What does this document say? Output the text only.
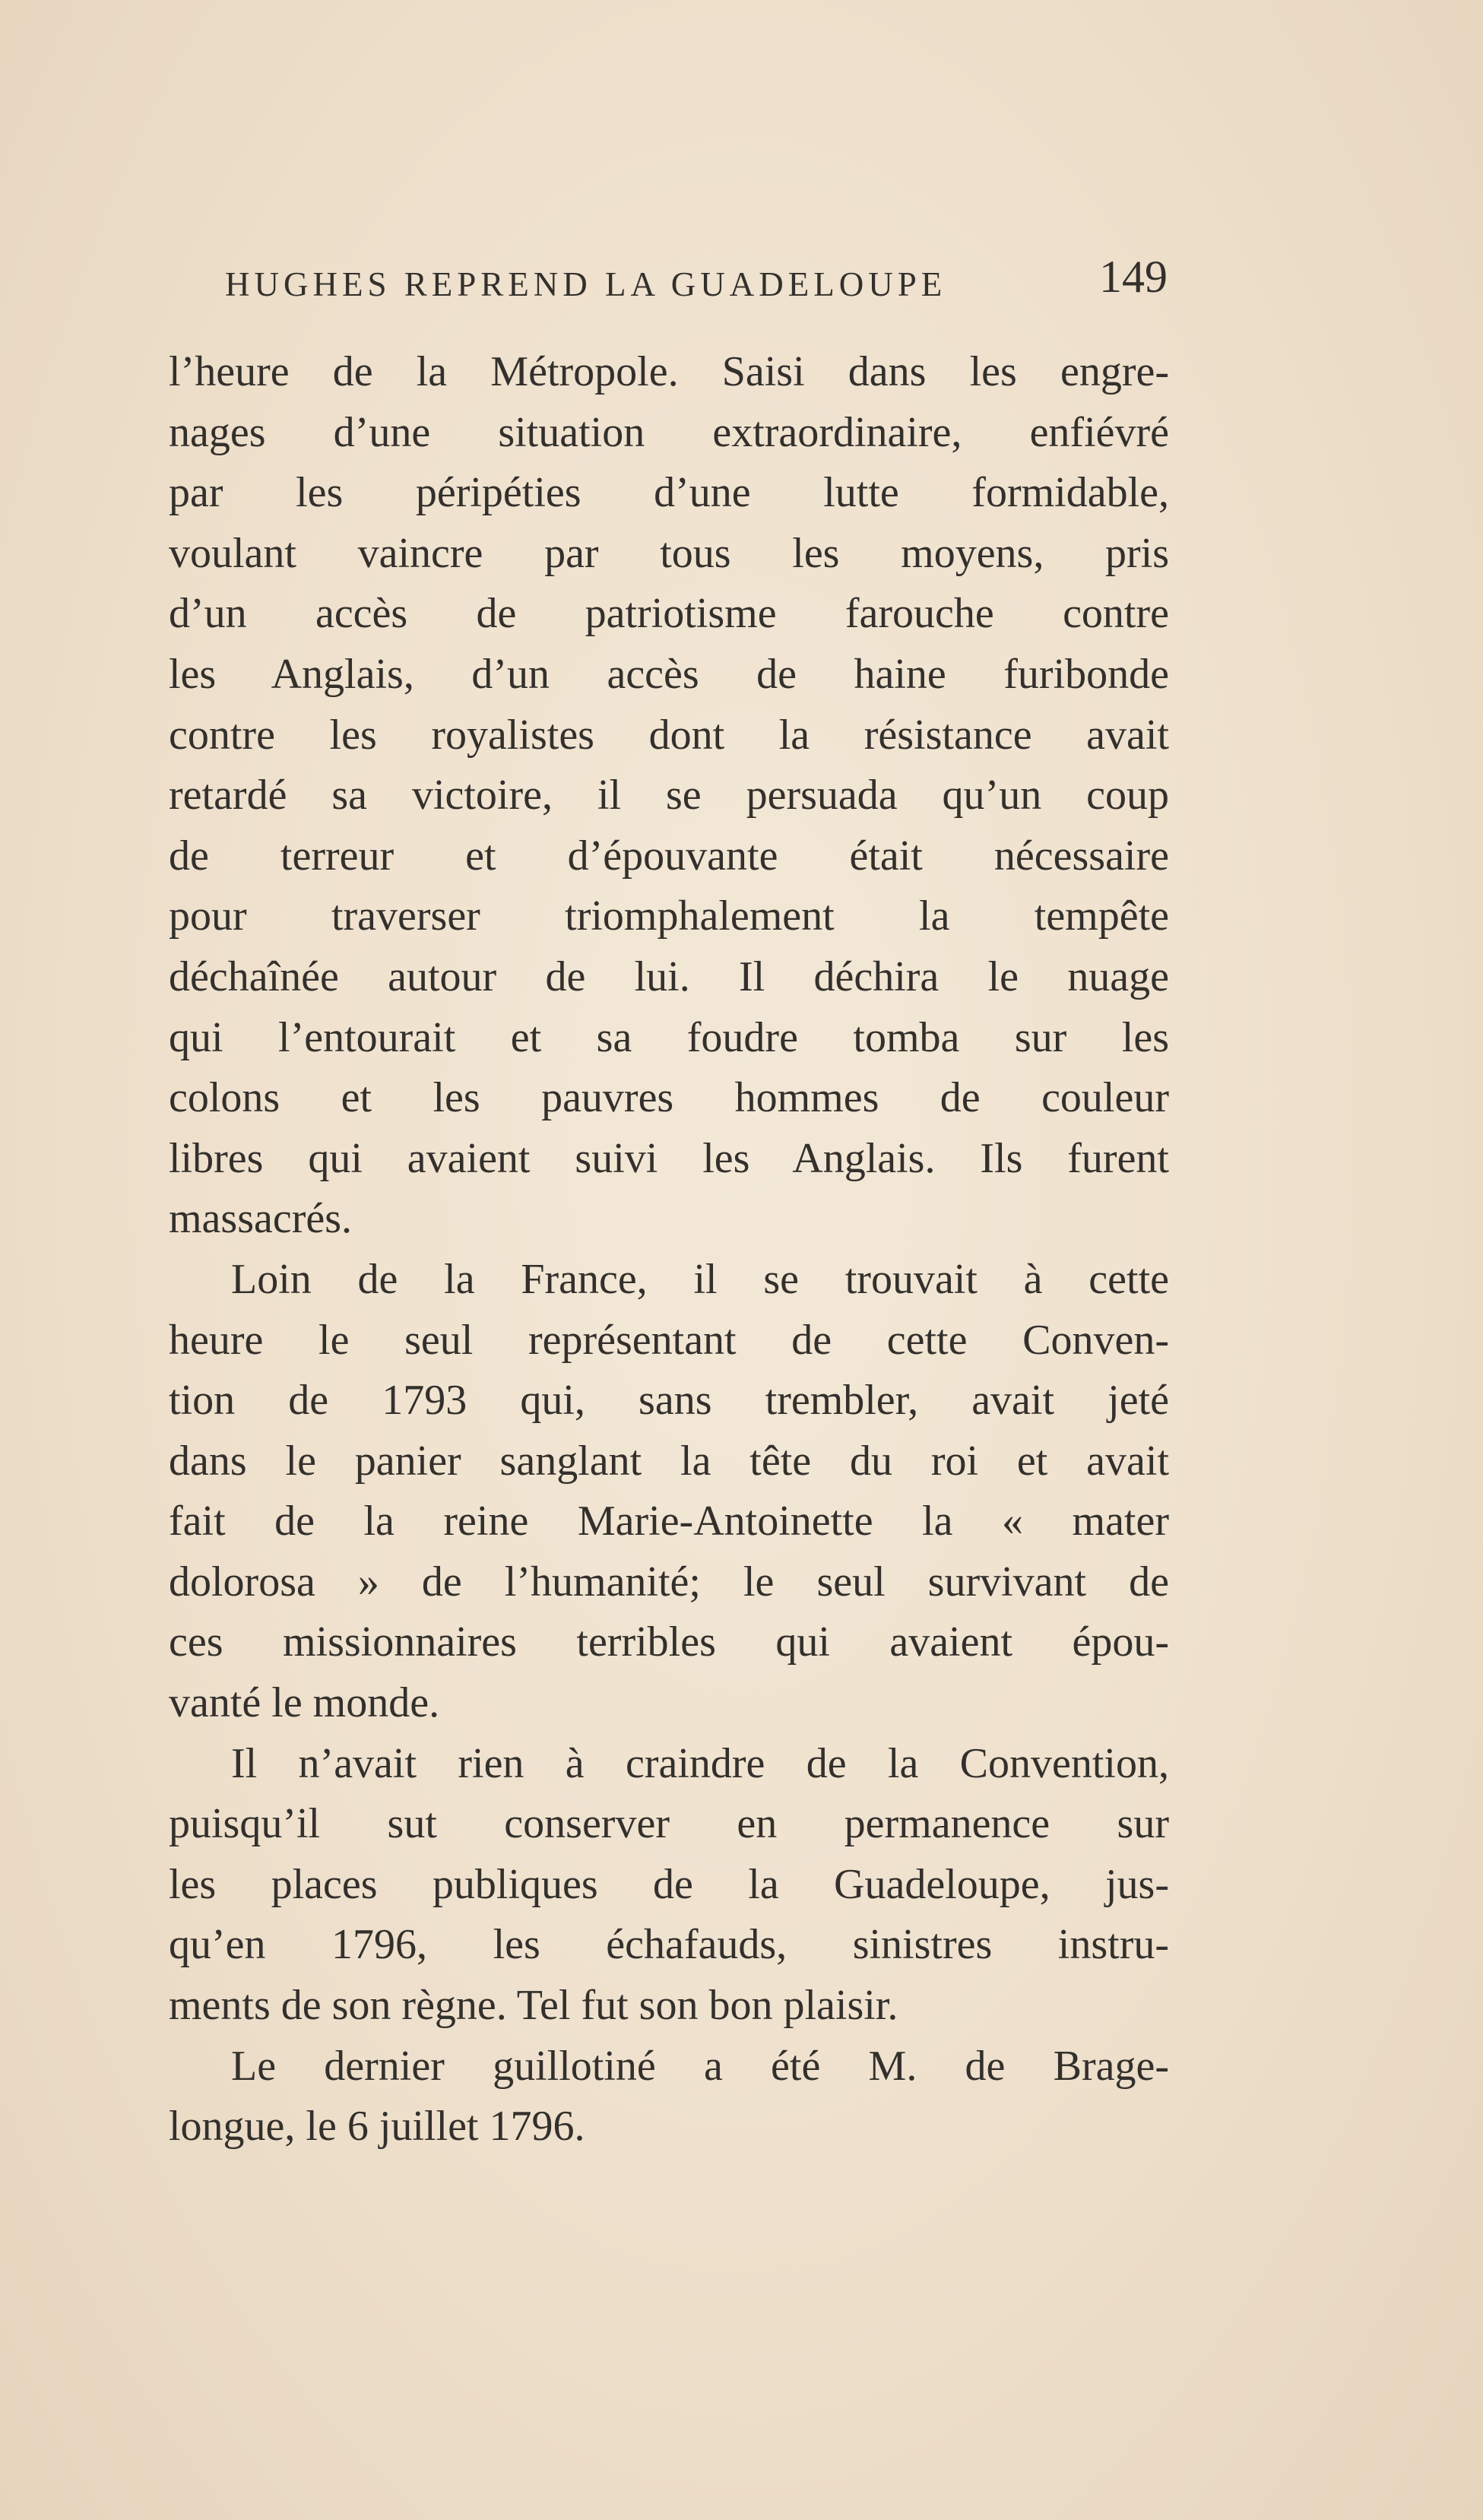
HUGHES REPREND LA GUADELOUPE	149
l’heure de la Métropole. Saisi dans les engre-
nages d’une situation extraordinaire, enfiévré
par les péripéties d’une lutte formidable,
voulant vaincre par tous les moyens, pris
d’un accès de patriotisme farouche contre
les Anglais, d’un accès de haine furibonde
contre les royalistes dont la résistance avait
retardé sa victoire, il se persuada qu’un coup
de terreur et d’épouvante était nécessaire
pour traverser triomphalement la tempête
déchaînée autour de lui. Il déchira le nuage
qui l’entourait et sa foudre tomba sur les
colons et les pauvres hommes de couleur
libres qui avaient suivi les Anglais. Ils furent
massacrés.
Loin de la France, il se trouvait à cette
heure le seul représentant de cette Conven-
tion de 1793 qui, sans trembler, avait jeté
dans le panier sanglant la tête du roi et avait
fait de la reine Marie-Antoinette la « mater
dolorosa » de l’humanité; le seul survivant de
ces missionnaires terribles qui avaient épou-
vanté le monde.
Il n’avait rien à craindre de la Convention,
puisqu’il sut conserver en permanence sur
les places publiques de la Guadeloupe, jus-
qu’en 1796, les échafauds, sinistres instru-
ments de son règne. Tel fut son bon plaisir.
Le dernier guillotiné a été M. de Brage-
longue, le 6 juillet 1796.
